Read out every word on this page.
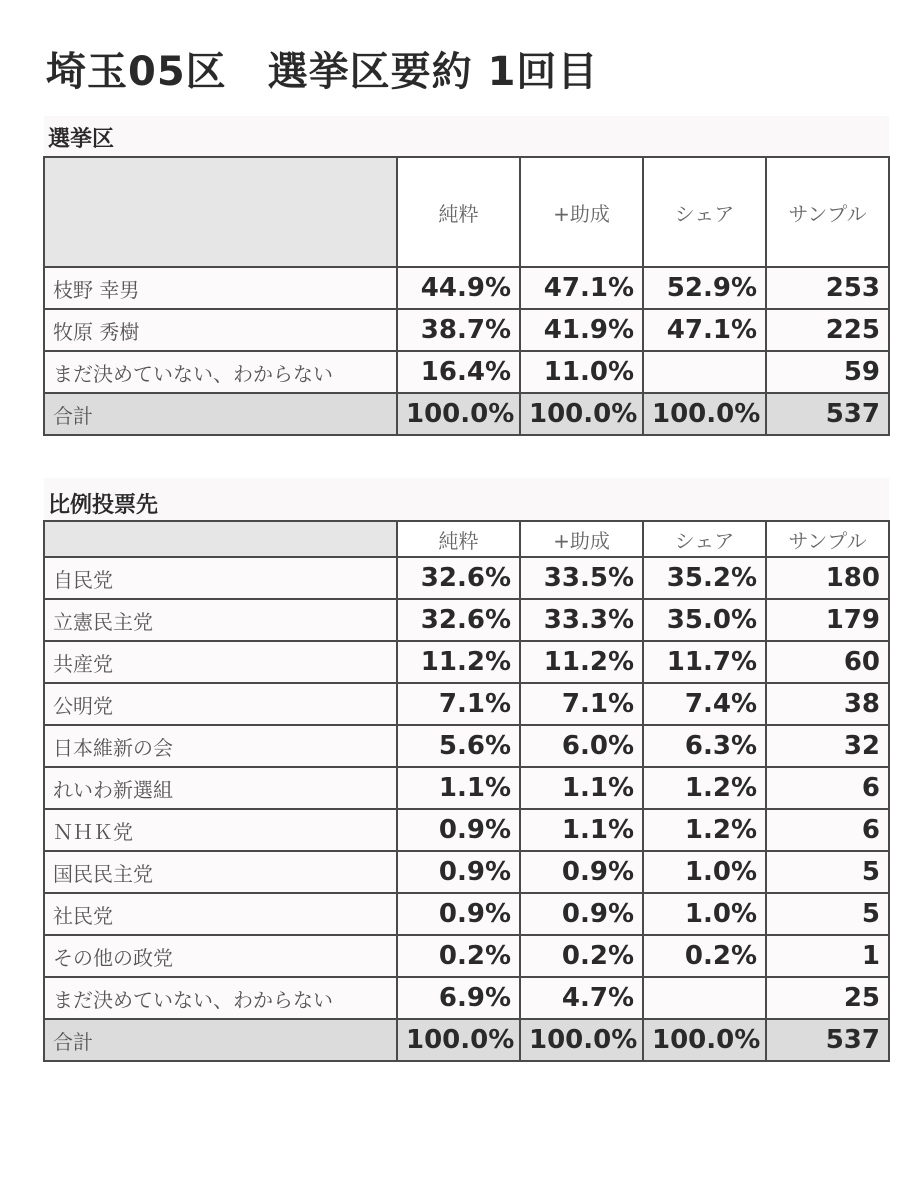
埼玉05区　選挙区要約 1回目
選挙区
	純粋	+助成	シェア	サンプル
枝野 幸男	44.9%	47.1%	52.9%	253
牧原 秀樹	38.7%	41.9%	47.1%	225
まだ決めていない、わからない	16.4%	11.0%		59
合計	100.0%	100.0%	100.0%	537
比例投票先
	純粋	+助成	シェア	サンプル
自民党	32.6%	33.5%	35.2%	180
立憲民主党	32.6%	33.3%	35.0%	179
共産党	11.2%	11.2%	11.7%	60
公明党	7.1%	7.1%	7.4%	38
日本維新の会	5.6%	6.0%	6.3%	32
れいわ新選組	1.1%	1.1%	1.2%	6
ＮＨＫ党	0.9%	1.1%	1.2%	6
国民民主党	0.9%	0.9%	1.0%	5
社民党	0.9%	0.9%	1.0%	5
その他の政党	0.2%	0.2%	0.2%	1
まだ決めていない、わからない	6.9%	4.7%		25
合計	100.0%	100.0%	100.0%	537
